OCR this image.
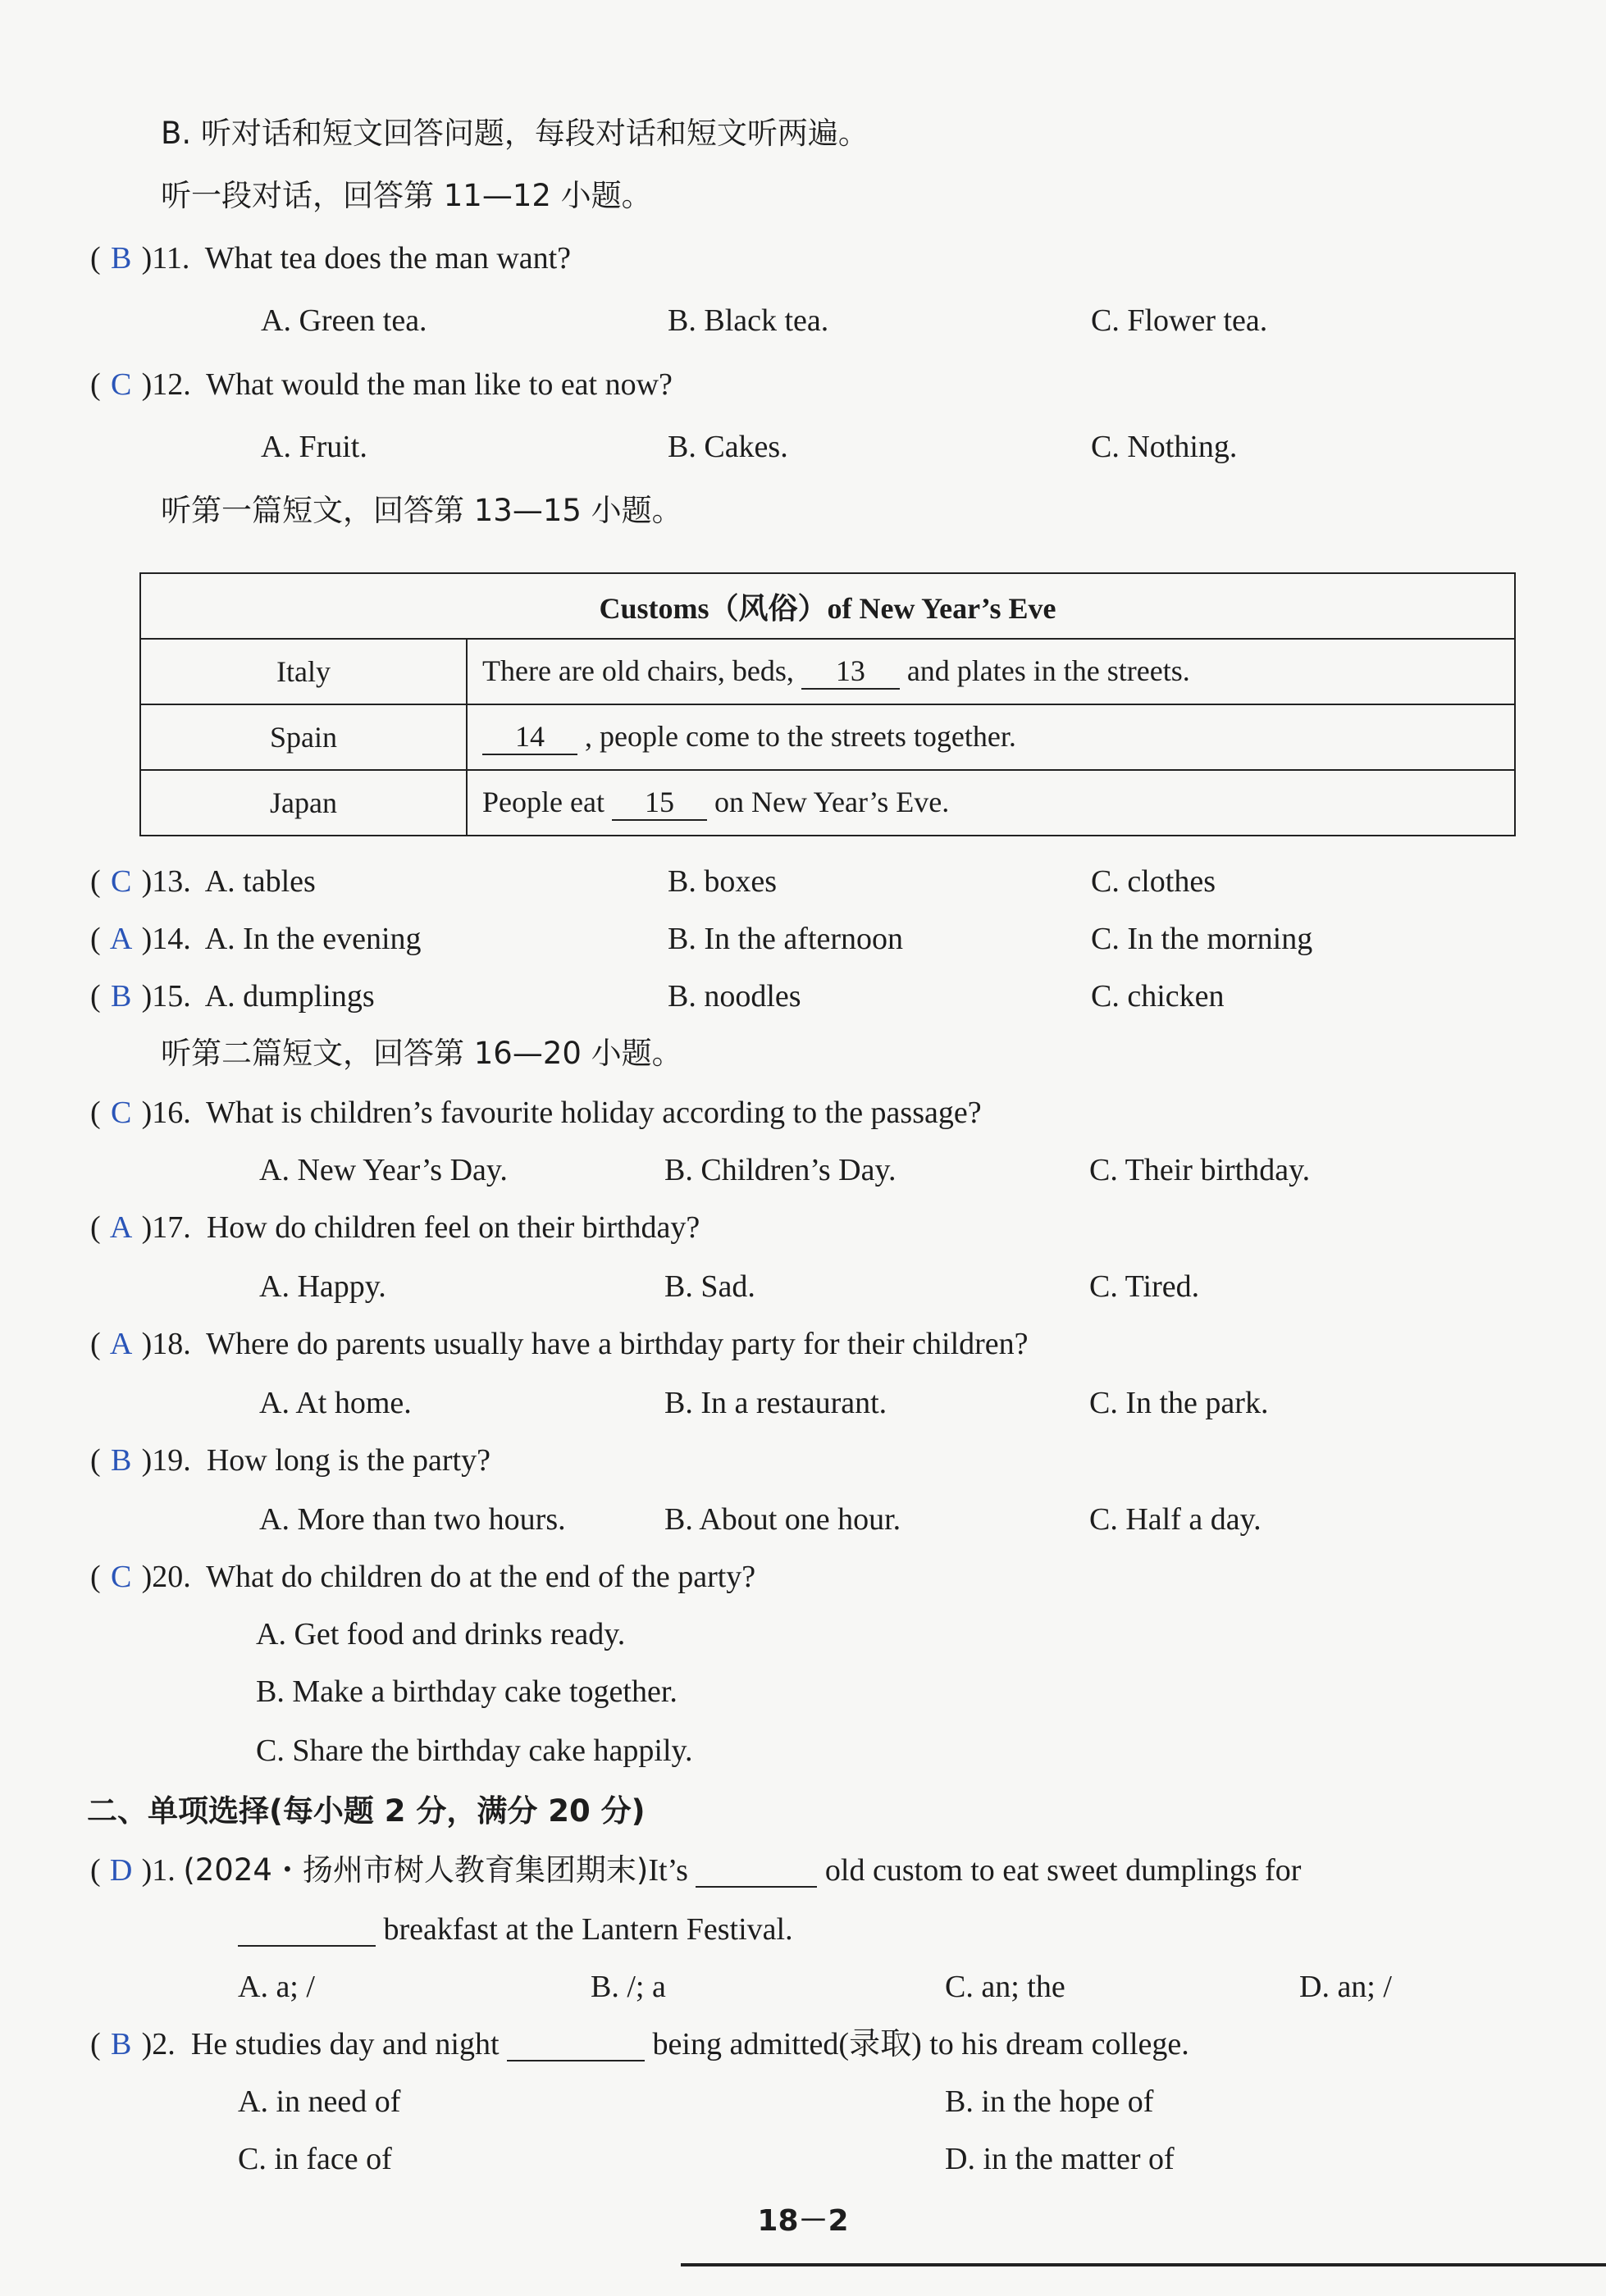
B. 听对话和短文回答问题，每段对话和短文听两遍。
听一段对话，回答第 11—12 小题。
( B )11. What tea does the man want?
A. Green tea.	B. Black tea.	C. Flower tea.
( C )12. What would the man like to eat now?
A. Fruit.	B. Cakes.	C. Nothing.
听第一篇短文，回答第 13—15 小题。
Customs（风俗）of New Year’s Eve	
Italy	There are old chairs, beds, 13 and plates in the streets.
Spain	14 , people come to the streets together.
Japan	People eat 15 on New Year’s Eve.
( C )13. A. tables	B. boxes	C. clothes
( A )14. A. In the evening	B. In the afternoon	C. In the morning
( B )15. A. dumplings	B. noodles	C. chicken
听第二篇短文，回答第 16—20 小题。
( C )16. What is children’s favourite holiday according to the passage?
A. New Year’s Day.	B. Children’s Day.	C. Their birthday.
( A )17. How do children feel on their birthday?
A. Happy.	B. Sad.	C. Tired.
( A )18. Where do parents usually have a birthday party for their children?
A. At home.	B. In a restaurant.	C. In the park.
( B )19. How long is the party?
A. More than two hours.	B. About one hour.	C. Half a day.
( C )20. What do children do at the end of the party?
A. Get food and drinks ready.
B. Make a birthday cake together.
C. Share the birthday cake happily.
二、单项选择(每小题 2 分，满分 20 分)
( D )1. (2024・扬州市树人教育集团期末)It’s	old custom to eat sweet dumplings for
breakfast at the Lantern Festival.
A. a; /	B. /; a	C. an; the	D. an; /
( B )2. He studies day and night	being admitted(录取) to his dream college.
A. in need of	B. in the hope of
C. in face of	D. in the matter of
18－2
